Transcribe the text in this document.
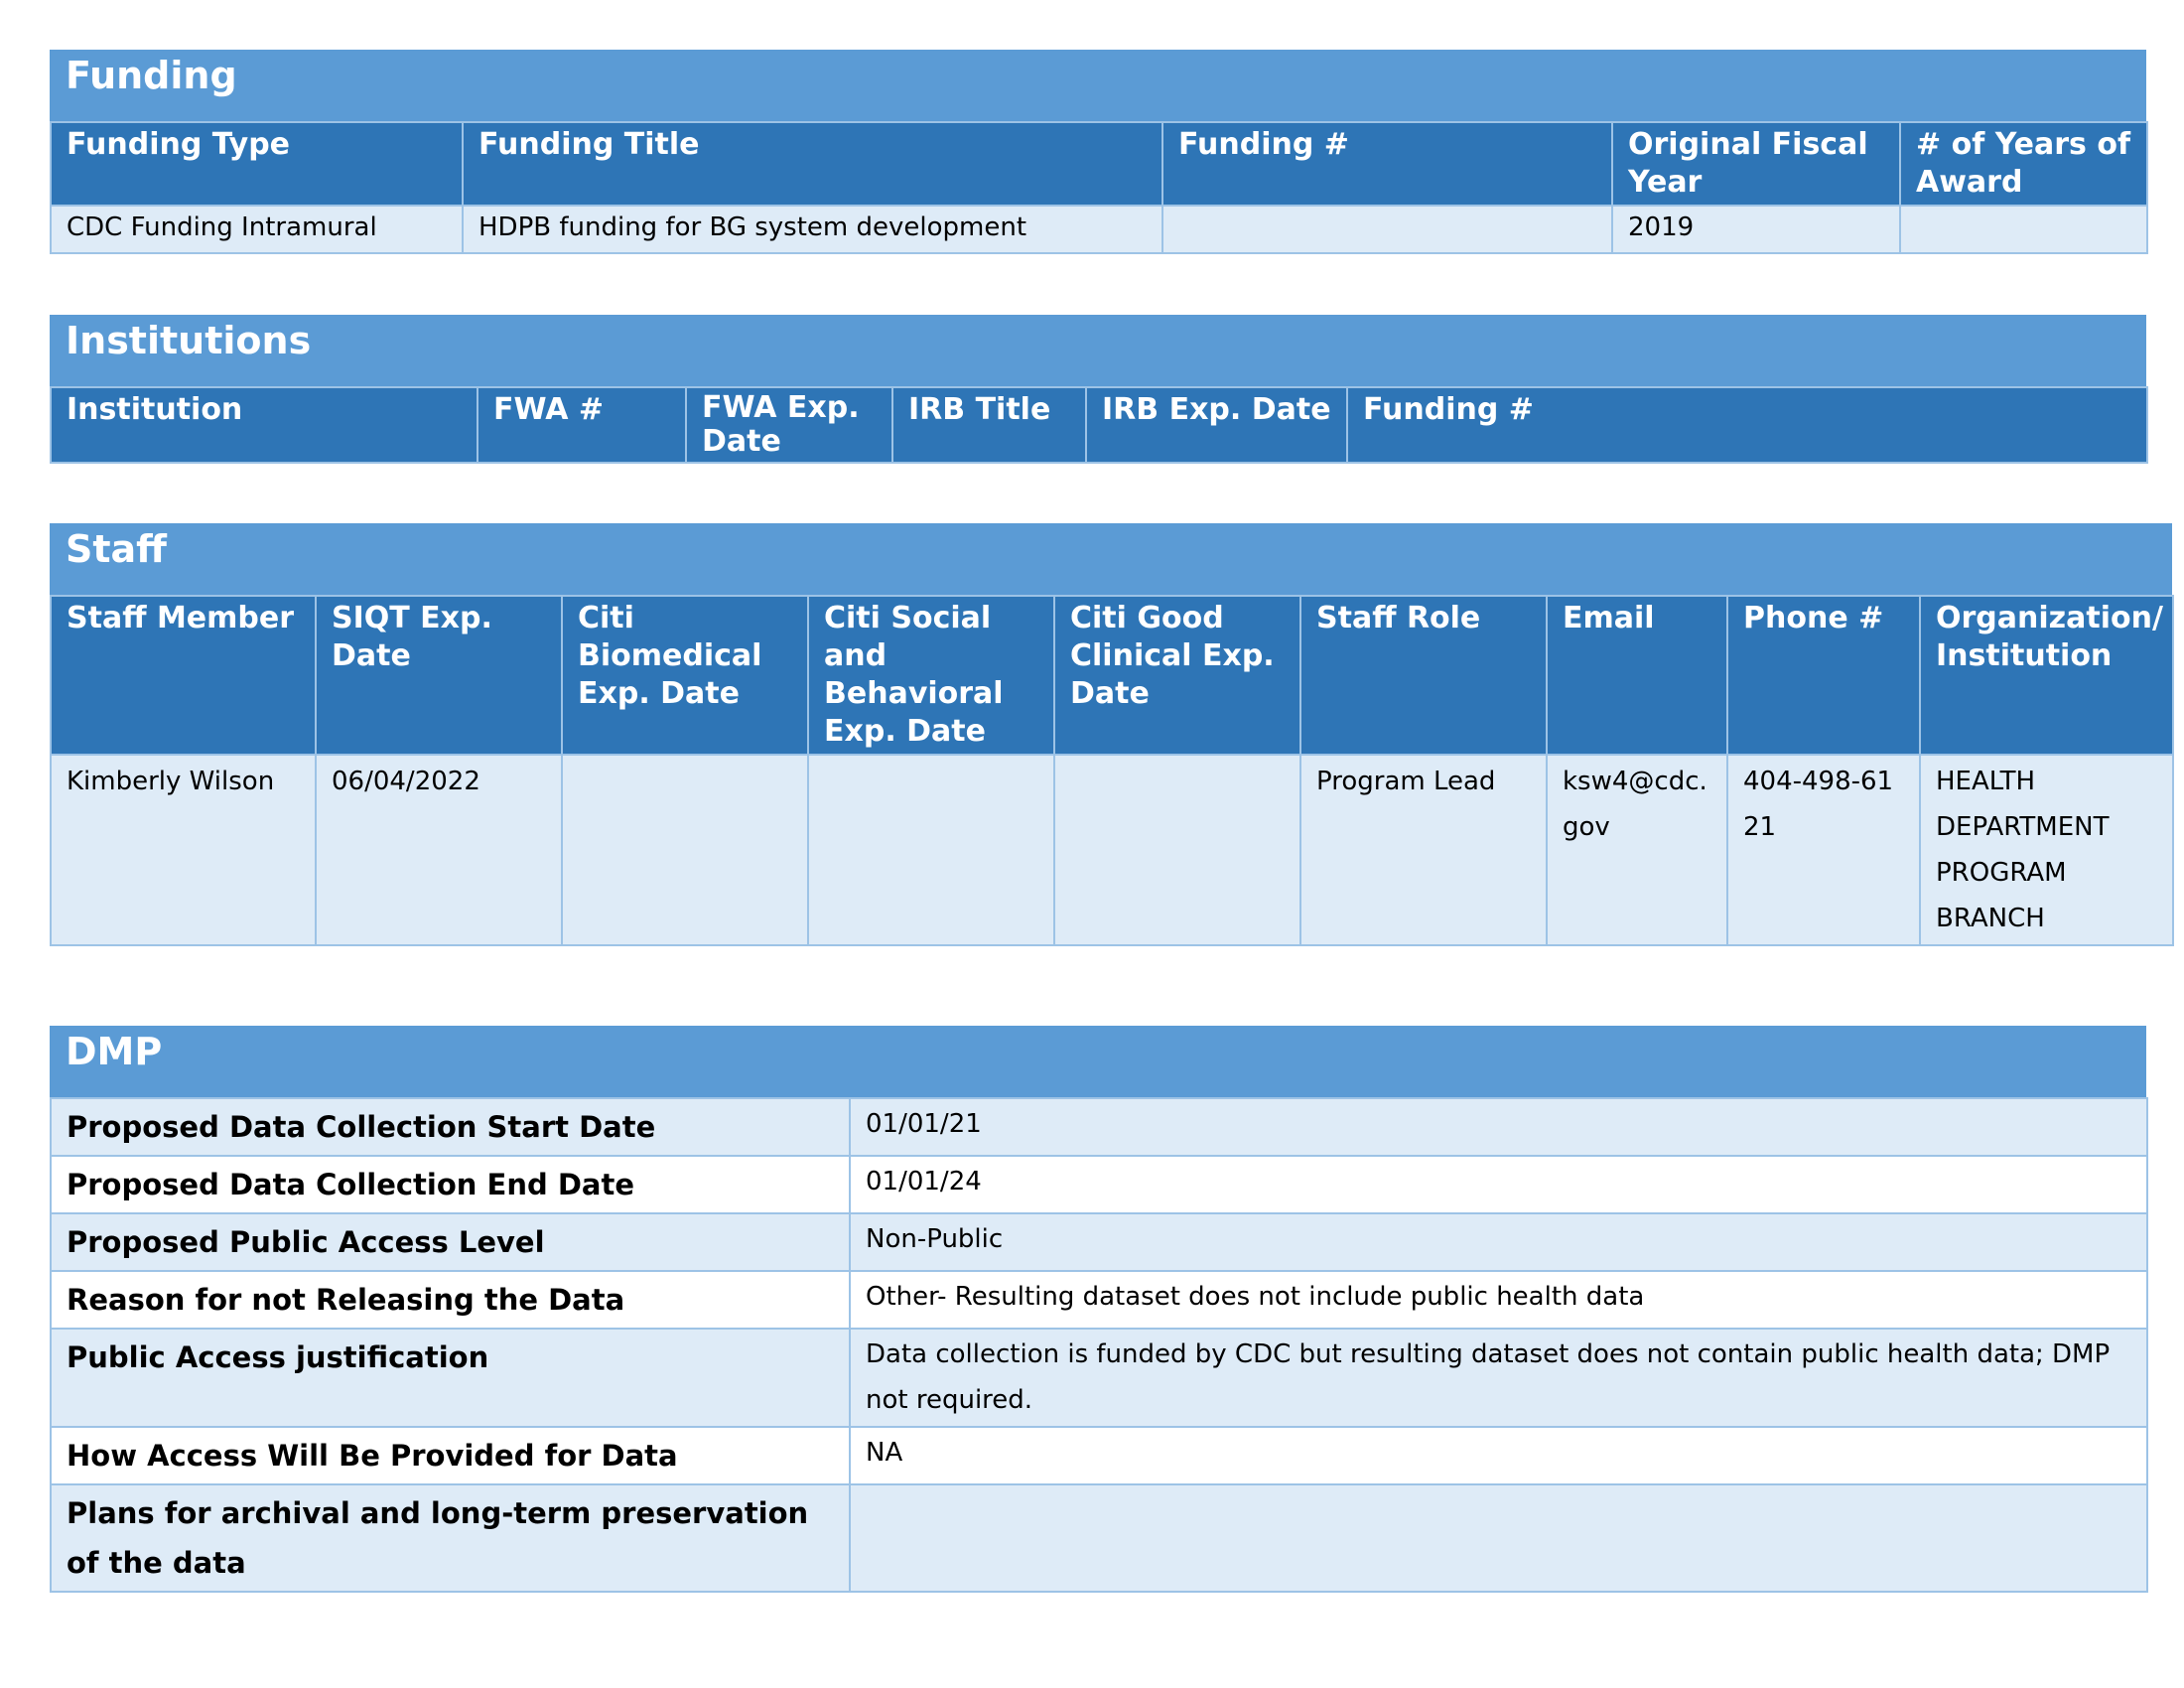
Funding
Funding Type	Funding Title	Funding #	Original Fiscal Year	# of Years of Award
CDC Funding Intramural	HDPB funding for BG system development		2019	
Institutions
Institution	FWA #	FWA Exp. Date	IRB Title	IRB Exp. Date	Funding #
Staff
Staff Member	SIQT Exp. Date	Citi Biomedical Exp. Date	Citi Social and Behavioral Exp. Date	Citi Good Clinical Exp. Date	Staff Role	Email	Phone #	Organization/ Institution
Kimberly Wilson	06/04/2022				Program Lead	ksw4@cdc.gov	404-498-6121	HEALTH DEPARTMENT PROGRAM BRANCH
DMP
Proposed Data Collection Start Date	01/01/21
Proposed Data Collection End Date	01/01/24
Proposed Public Access Level	Non-Public
Reason for not Releasing the Data	Other- Resulting dataset does not include public health data
Public Access justification	Data collection is funded by CDC but resulting dataset does not contain public health data; DMP not required.
How Access Will Be Provided for Data	NA
Plans for archival and long-term preservation of the data	
